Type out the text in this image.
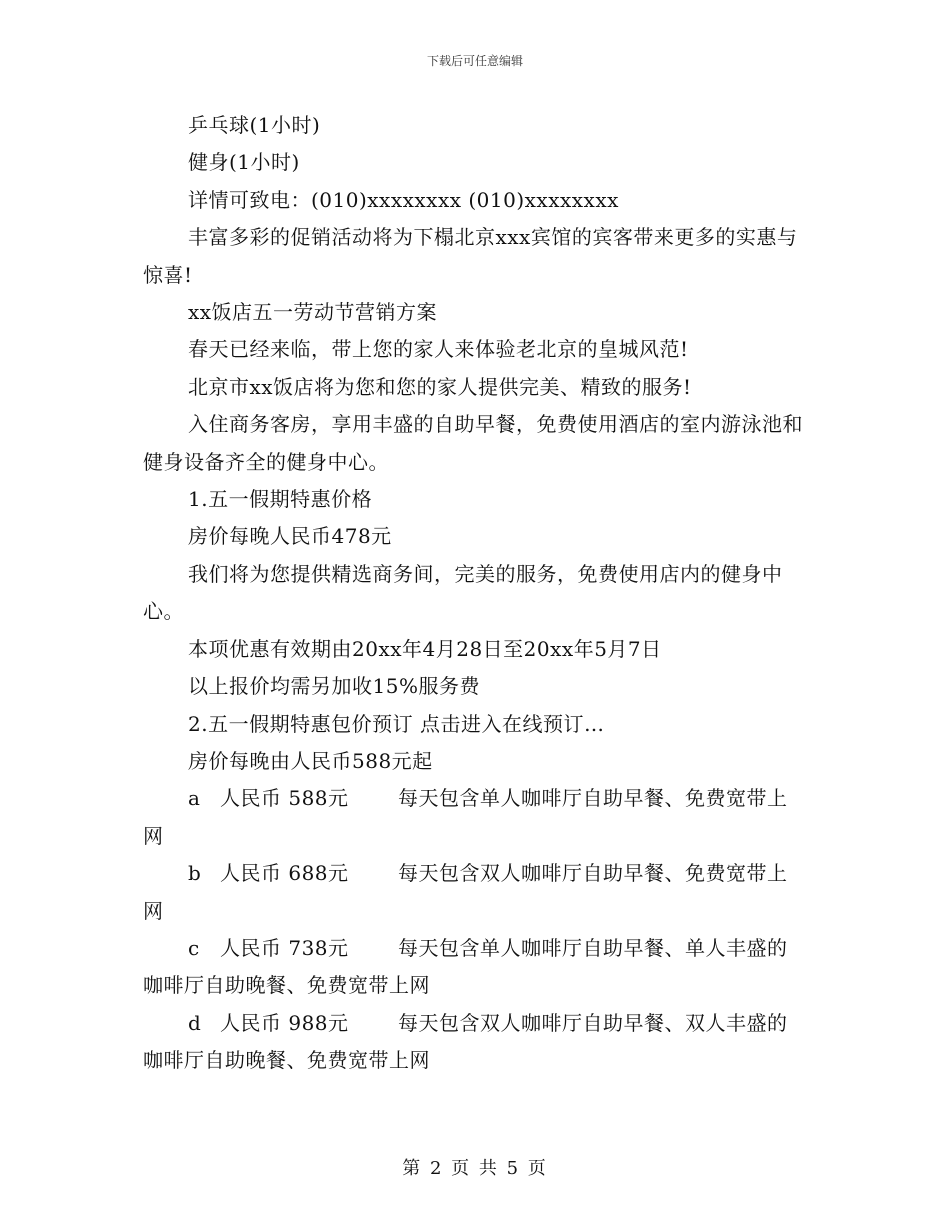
下载后可任意编辑

乒乓球(1小时)

健身(1小时)

详情可致电：(010)xxxxxxxx (010)xxxxxxxx

丰富多彩的促销活动将为下榻北京xxx宾馆的宾客带来更多的实惠与惊喜!

xx饭店五一劳动节营销方案

春天已经来临，带上您的家人来体验老北京的皇城风范!

北京市xx饭店将为您和您的家人提供完美、精致的服务!

入住商务客房，享用丰盛的自助早餐，免费使用酒店的室内游泳池和健身设备齐全的健身中心。

1.五一假期特惠价格

房价每晚人民币478元

我们将为您提供精选商务间，完美的服务，免费使用店内的健身中心。

本项优惠有效期由20xx年4月28日至20xx年5月7日

以上报价均需另加收15%服务费

2.五一假期特惠包价预订 点击进入在线预订…

房价每晚由人民币588元起

a 人民币 588元 每天包含单人咖啡厅自助早餐、免费宽带上
网
b 人民币 688元 每天包含双人咖啡厅自助早餐、免费宽带上
网
c 人民币 738元 每天包含单人咖啡厅自助早餐、单人丰盛的
咖啡厅自助晚餐、免费宽带上网
d 人民币 988元 每天包含双人咖啡厅自助早餐、双人丰盛的
咖啡厅自助晚餐、免费宽带上网
第 2 页 共 5 页
